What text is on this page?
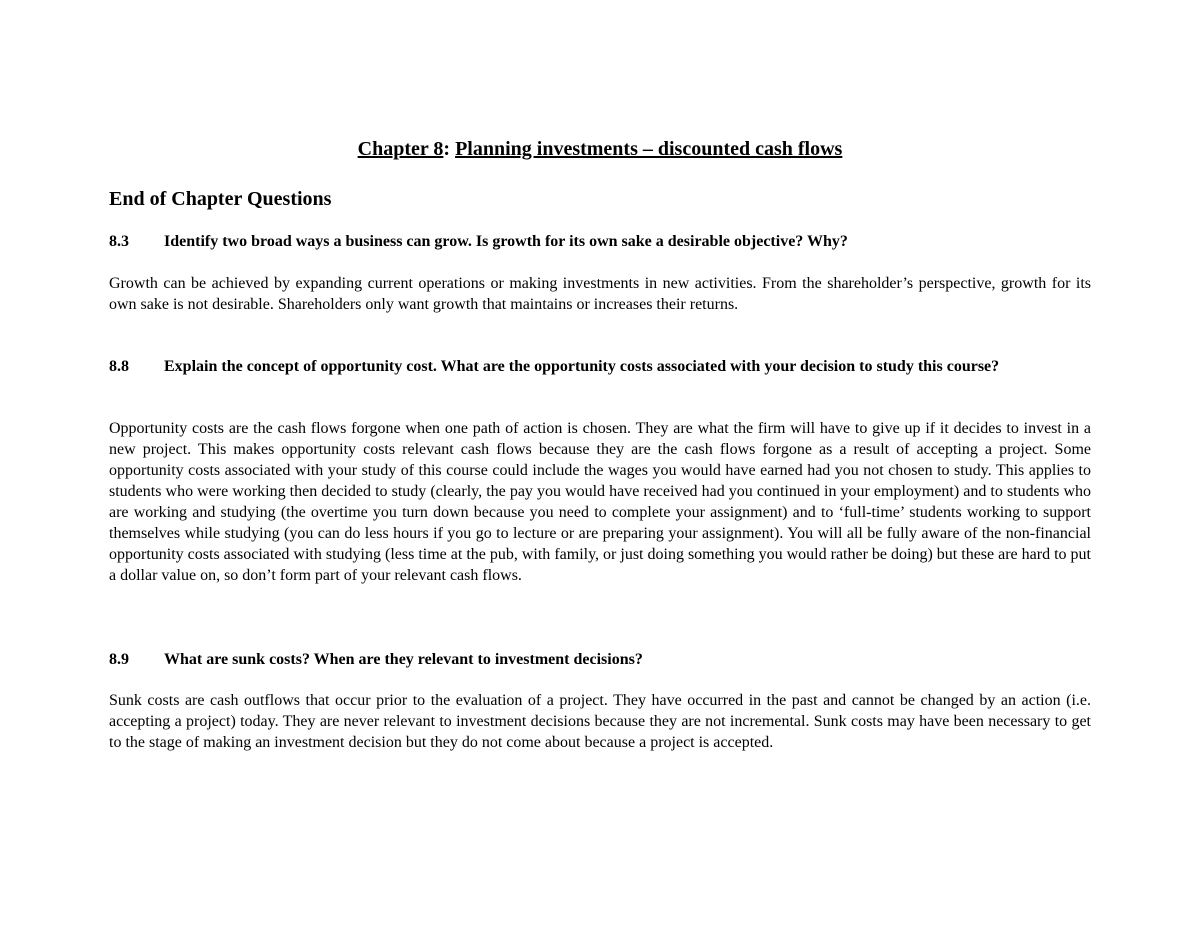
Chapter 8: Planning investments – discounted cash flows
End of Chapter Questions
8.3 Identify two broad ways a business can grow. Is growth for its own sake a desirable objective? Why?
Growth can be achieved by expanding current operations or making investments in new activities. From the shareholder’s perspective, growth for its own sake is not desirable. Shareholders only want growth that maintains or increases their returns.
8.8 Explain the concept of opportunity cost. What are the opportunity costs associated with your decision to study this course?
Opportunity costs are the cash flows forgone when one path of action is chosen. They are what the firm will have to give up if it decides to invest in a new project. This makes opportunity costs relevant cash flows because they are the cash flows forgone as a result of accepting a project. Some opportunity costs associated with your study of this course could include the wages you would have earned had you not chosen to study. This applies to students who were working then decided to study (clearly, the pay you would have received had you continued in your employment) and to students who are working and studying (the overtime you turn down because you need to complete your assignment) and to ‘full-time’ students working to support themselves while studying (you can do less hours if you go to lecture or are preparing your assignment). You will all be fully aware of the non-financial opportunity costs associated with studying (less time at the pub, with family, or just doing something you would rather be doing) but these are hard to put a dollar value on, so don’t form part of your relevant cash flows.
8.9 What are sunk costs? When are they relevant to investment decisions?
Sunk costs are cash outflows that occur prior to the evaluation of a project. They have occurred in the past and cannot be changed by an action (i.e. accepting a project) today. They are never relevant to investment decisions because they are not incremental. Sunk costs may have been necessary to get to the stage of making an investment decision but they do not come about because a project is accepted.
